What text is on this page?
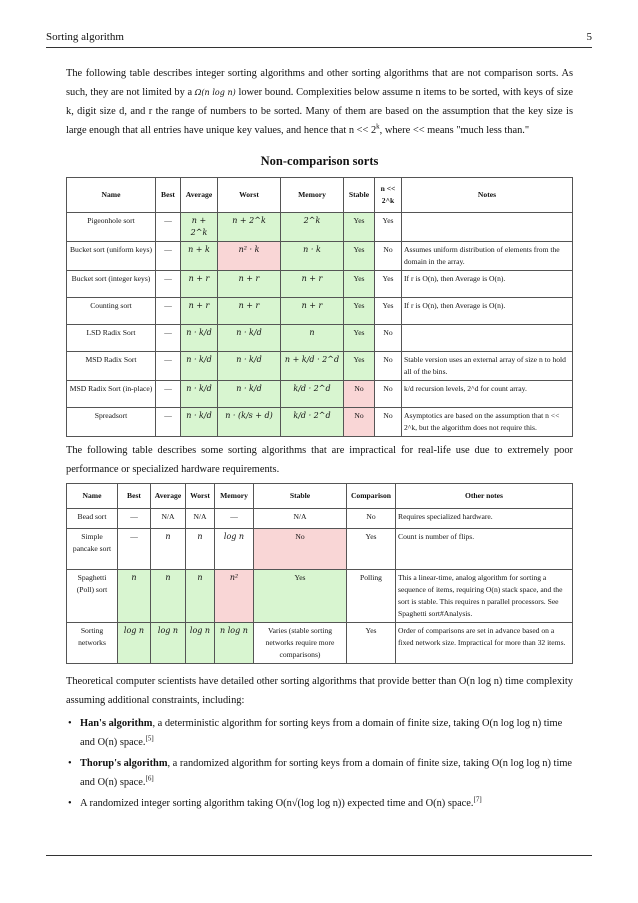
Sorting algorithm	5

The following table describes integer sorting algorithms and other sorting algorithms that are not comparison sorts. As such, they are not limited by a Ω(n log n) lower bound. Complexities below assume n items to be sorted, with keys of size k, digit size d, and r the range of numbers to be sorted. Many of them are based on the assumption that the key size is large enough that all entries have unique key values, and hence that $n << 2^k$, where << means "much less than."

Non-comparison sorts
Name	Best	Average	Worst	Memory	Stable	n << 2^k	Notes
Pigeonhole sort	—	n + 2^k	n + 2^k	2^k	Yes	Yes	
Bucket sort (uniform keys)	—	n + k	n² · k	n · k	Yes	No	Assumes uniform distribution of elements from the domain in the array.
Bucket sort (integer keys)	—	n + r	n + r	n + r	Yes	Yes	If r is O(n), then Average is O(n).
Counting sort	—	n + r	n + r	n + r	Yes	Yes	If r is O(n), then Average is O(n).
LSD Radix Sort	—	n · k/d	n · k/d	n	Yes	No	
MSD Radix Sort	—	n · k/d	n · k/d	n + k/d · 2^d	Yes	No	Stable version uses an external array of size n to hold all of the bins.
MSD Radix Sort (in-place)	—	n · k/d	n · k/d	k/d · 2^d	No	No	k/d recursion levels, 2^d for count array.
Spreadsort	—	n · k/d	n · (k/s + d)	k/d · 2^d	No	No	Asymptotics are based on the assumption that n << 2^k, but the algorithm does not require this.

The following table describes some sorting algorithms that are impractical for real-life use due to extremely poor performance or specialized hardware requirements.

Name	Best	Average	Worst	Memory	Stable	Comparison	Other notes
Bead sort	—	N/A	N/A	—	N/A	No	Requires specialized hardware.
Simple pancake sort	—	n	n	log n	No	Yes	Count is number of flips.
Spaghetti (Poll) sort	n	n	n	n²	Yes	Polling	This a linear-time, analog algorithm for sorting a sequence of items, requiring O(n) stack space, and the sort is stable. This requires n parallel processors. See Spaghetti sort#Analysis.
Sorting networks	log n	log n	log n	n log n	Varies (stable sorting networks require more comparisons)	Yes	Order of comparisons are set in advance based on a fixed network size. Impractical for more than 32 items.

Theoretical computer scientists have detailed other sorting algorithms that provide better than O(n log n) time complexity assuming additional constraints, including:

• Han's algorithm, a deterministic algorithm for sorting keys from a domain of finite size, taking O(n log log n) time and O(n) space.[5]
• Thorup's algorithm, a randomized algorithm for sorting keys from a domain of finite size, taking O(n log log n) time and O(n) space.[6]
• A randomized integer sorting algorithm taking O(n√(log log n)) expected time and O(n) space.[7]
